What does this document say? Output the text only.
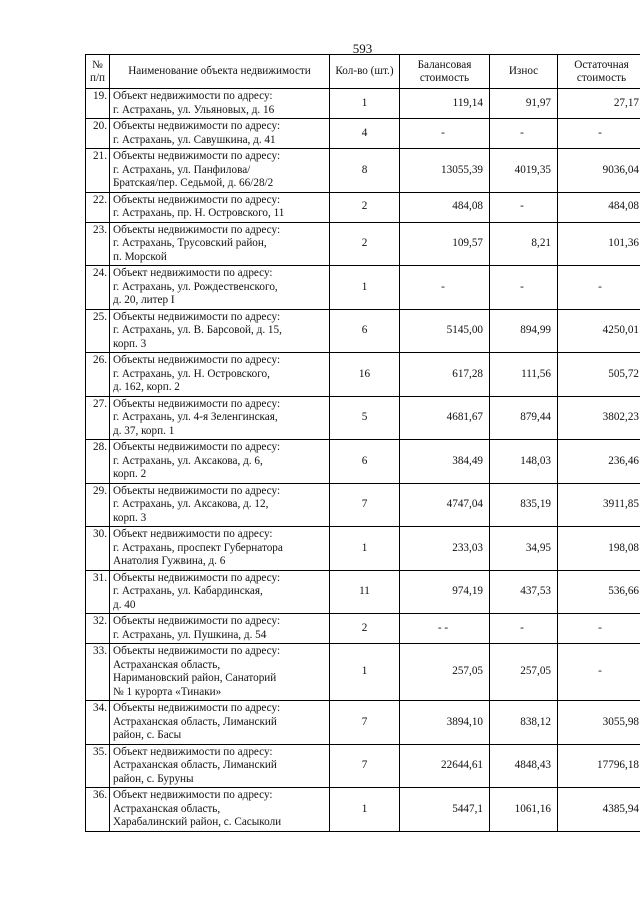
593
№ п/п	Наименование объекта недвижимости	Кол-во (шт.)	Балансовая стоимость	Износ	Остаточная стоимость
19.	Объект недвижимости по адресу:
г. Астрахань, ул. Ульяновых, д. 16	1	119,14	91,97	27,17
20.	Объекты недвижимости по адресу:
г. Астрахань, ул. Савушкина, д. 41	4	-	-	-
21.	Объекты недвижимости по адресу:
г. Астрахань, ул. Панфилова/
Братская/пер. Седьмой, д. 66/28/2	8	13055,39	4019,35	9036,04
22.	Объекты недвижимости по адресу:
г. Астрахань, пр. Н. Островского, 11	2	484,08	-	484,08
23.	Объекты недвижимости по адресу:
г. Астрахань, Трусовский район,
п. Морской	2	109,57	8,21	101,36
24.	Объект недвижимости по адресу:
г. Астрахань, ул. Рождественского,
д. 20, литер I	1	-	-	-
25.	Объекты недвижимости по адресу:
г. Астрахань, ул. В. Барсовой, д. 15,
корп. 3	6	5145,00	894,99	4250,01
26.	Объекты недвижимости по адресу:
г. Астрахань, ул. Н. Островского,
д. 162, корп. 2	16	617,28	111,56	505,72
27.	Объекты недвижимости по адресу:
г. Астрахань, ул. 4-я Зеленгинская,
д. 37, корп. 1	5	4681,67	879,44	3802,23
28.	Объекты недвижимости по адресу:
г. Астрахань, ул. Аксакова, д. 6,
корп. 2	6	384,49	148,03	236,46
29.	Объекты недвижимости по адресу:
г. Астрахань, ул. Аксакова, д. 12,
корп. 3	7	4747,04	835,19	3911,85
30.	Объект недвижимости по адресу:
г. Астрахань, проспект Губернатора
Анатолия Гужвина, д. 6	1	233,03	34,95	198,08
31.	Объекты недвижимости по адресу:
г. Астрахань, ул. Кабардинская,
д. 40	11	974,19	437,53	536,66
32.	Объекты недвижимости по адресу:
г. Астрахань, ул. Пушкина, д. 54	2	- -	-	-
33.	Объекты недвижимости по адресу:
Астраханская область,
Наримановский район, Санаторий
№ 1 курорта «Тинаки»	1	257,05	257,05	-
34.	Объекты недвижимости по адресу:
Астраханская область, Лиманский
район, с. Басы	7	3894,10	838,12	3055,98
35.	Объект недвижимости по адресу:
Астраханская область, Лиманский
район, с. Буруны	7	22644,61	4848,43	17796,18
36.	Объект недвижимости по адресу:
Астраханская область,
Харабалинский район, с. Сасыколи	1	5447,1	1061,16	4385,94
